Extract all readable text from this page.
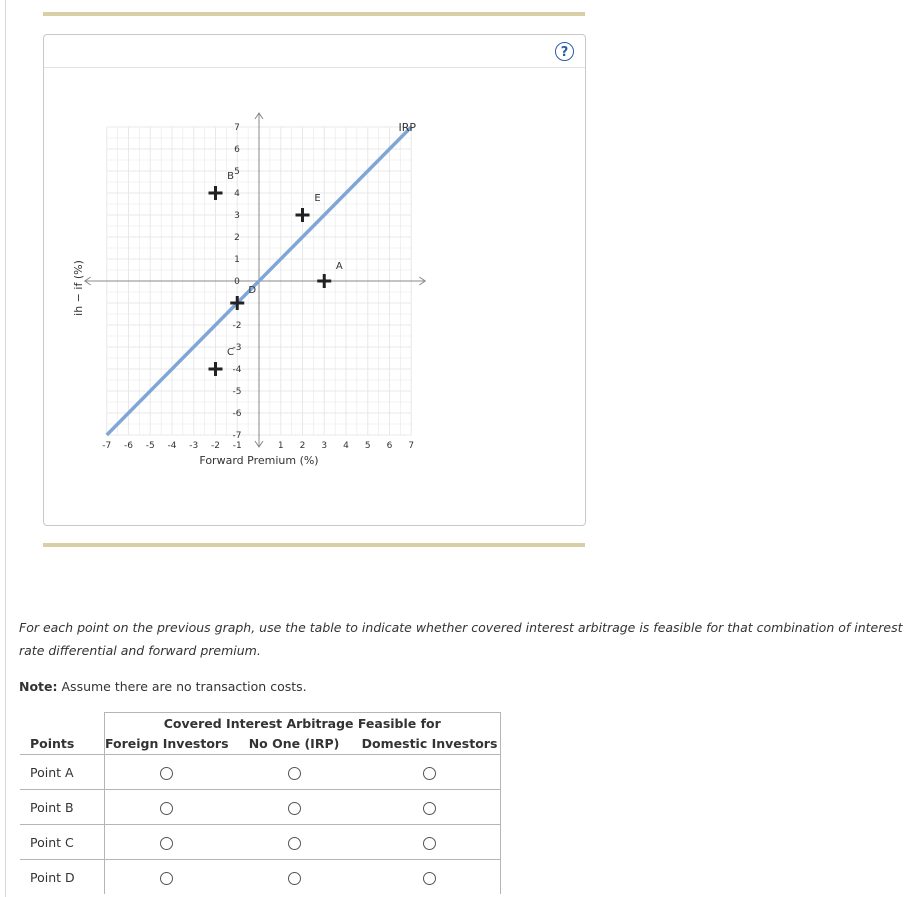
?
-7 -6 -5 -4 -3 -2 -1	1 2 3 4 5 6 7
7
6
5
4
3
2
1
0
-2
-3
-4
-5
-6
-7
IRP
A
B
C
D
E
ih − if (%)
Forward Premium (%)
For each point on the previous graph, use the table to indicate whether covered interest arbitrage is feasible for that combination of interest rate differential and forward premium.
Note: Assume there are no transaction costs.
	Covered Interest Arbitrage Feasible for		
Points	Foreign Investors	No One (IRP)	Domestic Investors
Point A			
Point B			
Point C			
Point D			
